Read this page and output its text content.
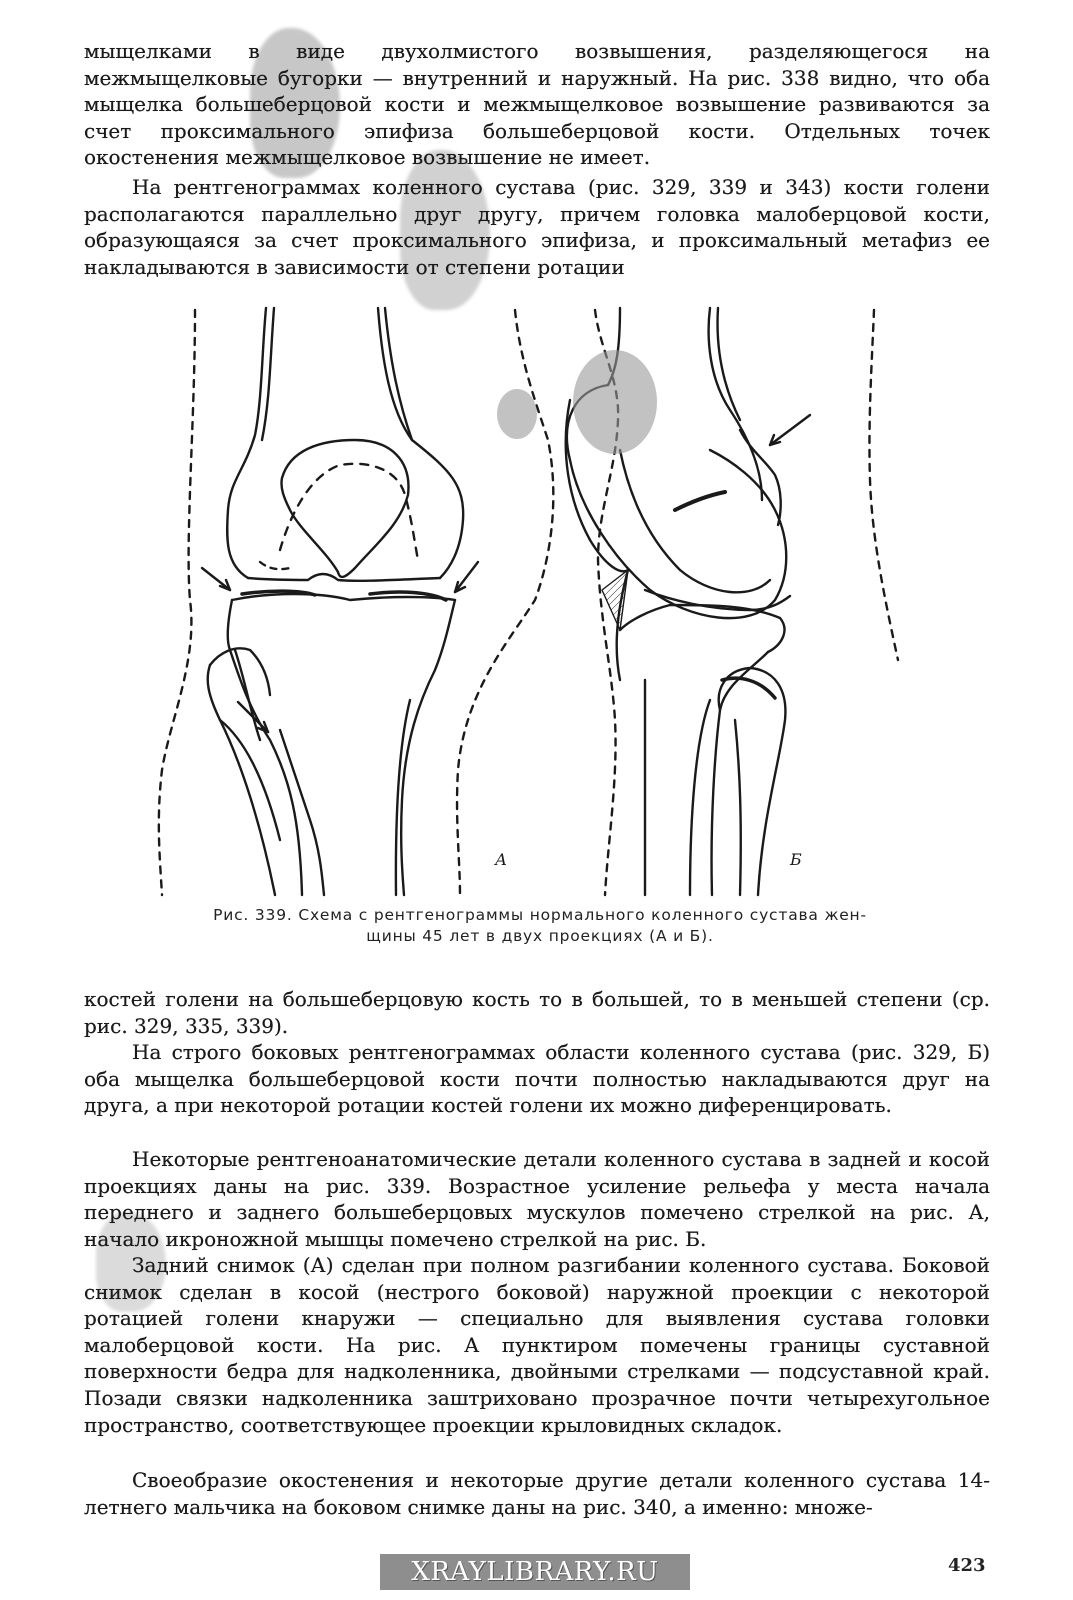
мыщелками в виде двухолмистого возвышения, разделяющегося на межмыщелковые бугорки — внутренний и наружный. На рис. 338 видно, что оба мыщелка большеберцовой кости и межмыщелковое возвышение развиваются за счет проксимального эпифиза большеберцовой кости. Отдельных точек окостенения межмыщелковое возвышение не имеет.

На рентгенограммах коленного сустава (рис. 329, 339 и 343) кости голени располагаются параллельно друг другу, причем головка малоберцовой кости, образующаяся за счет проксимального эпифиза, и проксимальный метафиз ее накладываются в зависимости от степени ротации

А	Б
Рис. 339. Схема с рентгенограммы нормального коленного сустава жен-
щины 45 лет в двух проекциях (А и Б).

костей голени на большеберцовую кость то в большей, то в меньшей степени (ср. рис. 329, 335, 339).

На строго боковых рентгенограммах области коленного сустава (рис. 329, Б) оба мыщелка большеберцовой кости почти полностью накладываются друг на друга, а при некоторой ротации костей голени их можно диференцировать.

Некоторые рентгеноанатомические детали коленного сустава в задней и косой проекциях даны на рис. 339. Возрастное усиление рельефа у места начала переднего и заднего большеберцовых мускулов помечено стрелкой на рис. А, начало икроножной мышцы помечено стрелкой на рис. Б.

Задний снимок (А) сделан при полном разгибании коленного сустава. Боковой снимок сделан в косой (нестрого боковой) наружной проекции с некоторой ротацией голени кнаружи — специально для выявления сустава головки малоберцовой кости. На рис. А пунктиром помечены границы суставной поверхности бедра для надколенника, двойными стрелками — подсуставной край. Позади связки надколенника заштриховано прозрачное почти четырехугольное пространство, соответствующее проекции крыловидных складок.

Своеобразие окостенения и некоторые другие детали коленного сустава 14-летнего мальчика на боковом снимке даны на рис. 340, а именно: множе-

XRAYLIBRARY.RU	423
